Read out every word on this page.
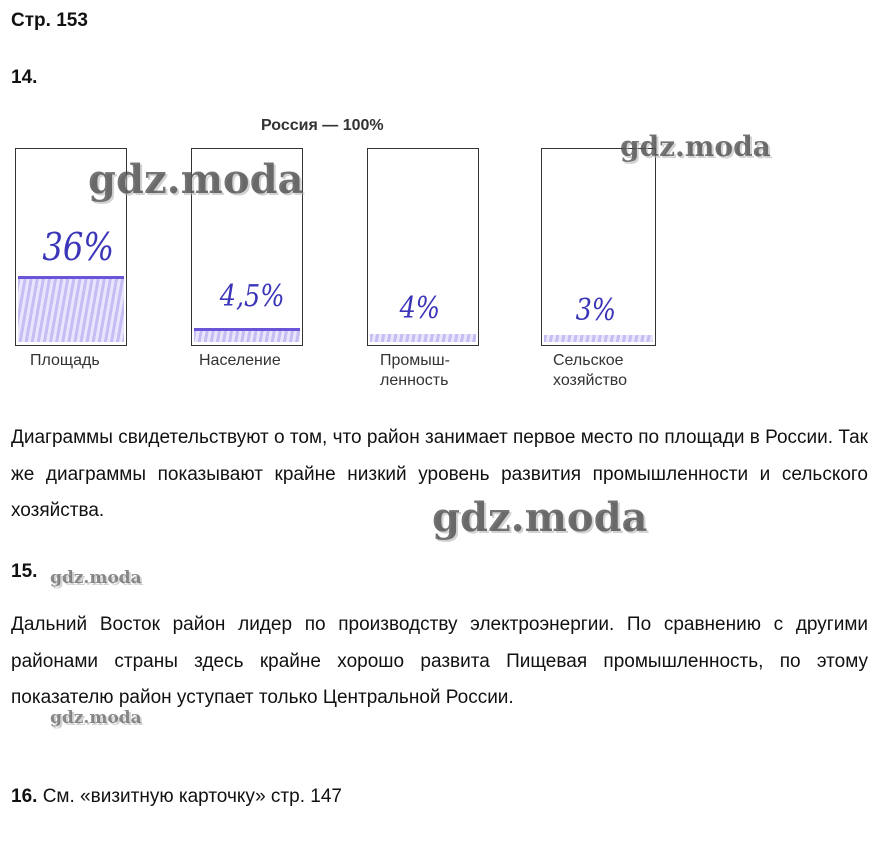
Стр. 153
14.
Россия — 100%
36%
Площадь
4,5%
Население
4%
Промыш-
ленность
3%
Сельское
хозяйство
Диаграммы свидетельствуют о том, что район занимает первое место по площади в России. Так же диаграммы показывают крайне низкий уровень развития промышленности и сельского хозяйства.
15.
Дальний Восток район лидер по производству электроэнергии. По сравнению с другими районами страны здесь крайне хорошо развита Пищевая промышленность, по этому показателю район уступает только Центральной России.
16. См. «визитную карточку» стр. 147
gdz.moda
gdz.moda
gdz.moda
gdz.moda
gdz.moda
